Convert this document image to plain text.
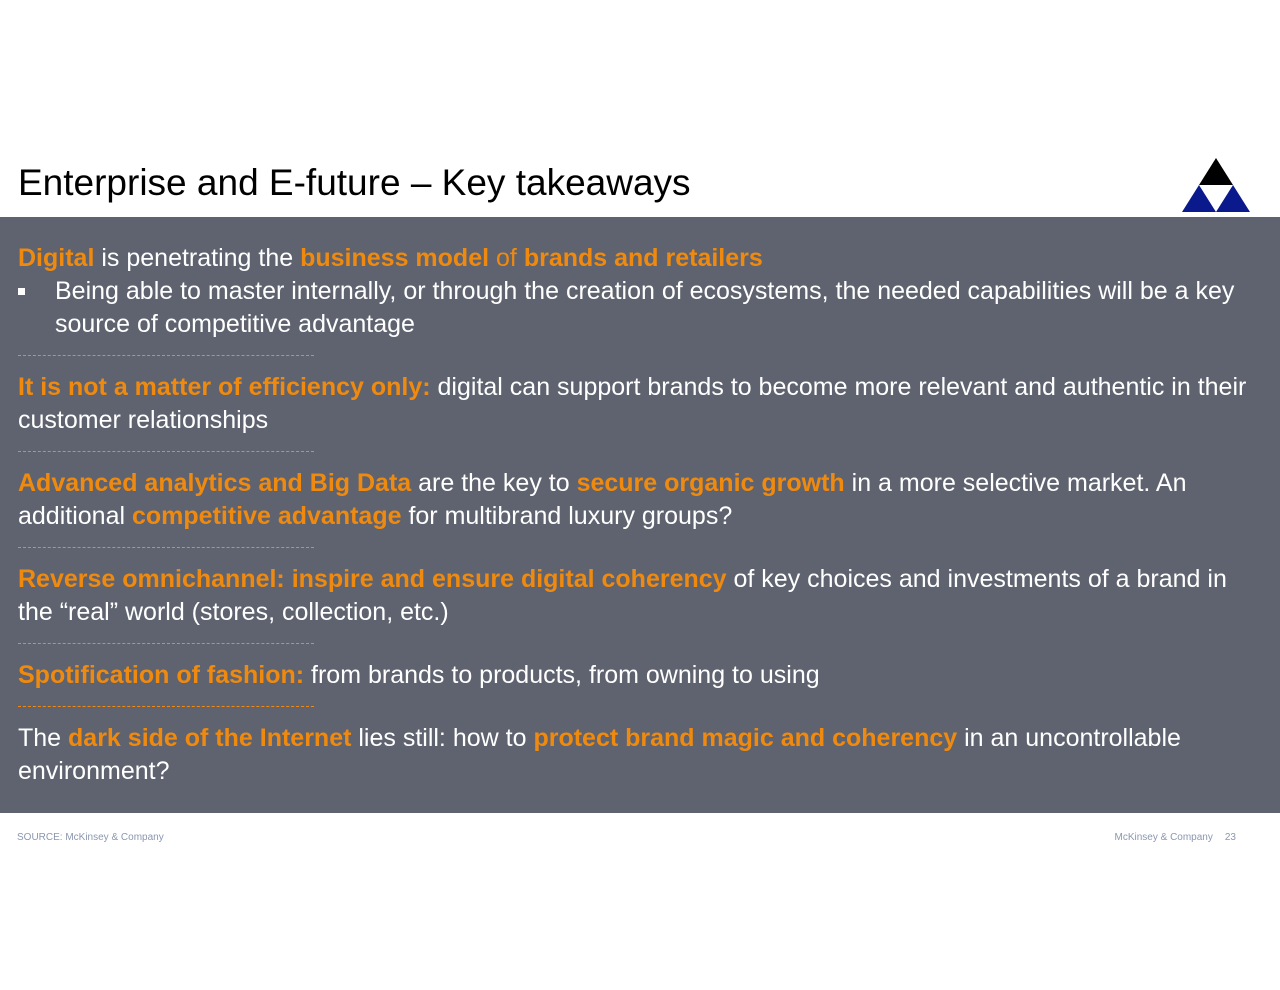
Enterprise and E-future – Key takeaways
Digital is penetrating the business model of brands and retailers
Being able to master internally, or through the creation of ecosystems, the needed capabilities will be a key source of competitive advantage
It is not a matter of efficiency only: digital can support brands to become more relevant and authentic in their customer relationships
Advanced analytics and Big Data are the key to secure organic growth in a more selective market. An additional competitive advantage for multibrand luxury groups?
Reverse omnichannel: inspire and ensure digital coherency of key choices and investments of a brand in the “real” world (stores, collection, etc.)
Spotification of fashion: from brands to products, from owning to using
The dark side of the Internet lies still: how to protect brand magic and coherency in an uncontrollable environment?
SOURCE: McKinsey & Company	McKinsey & Company 23
